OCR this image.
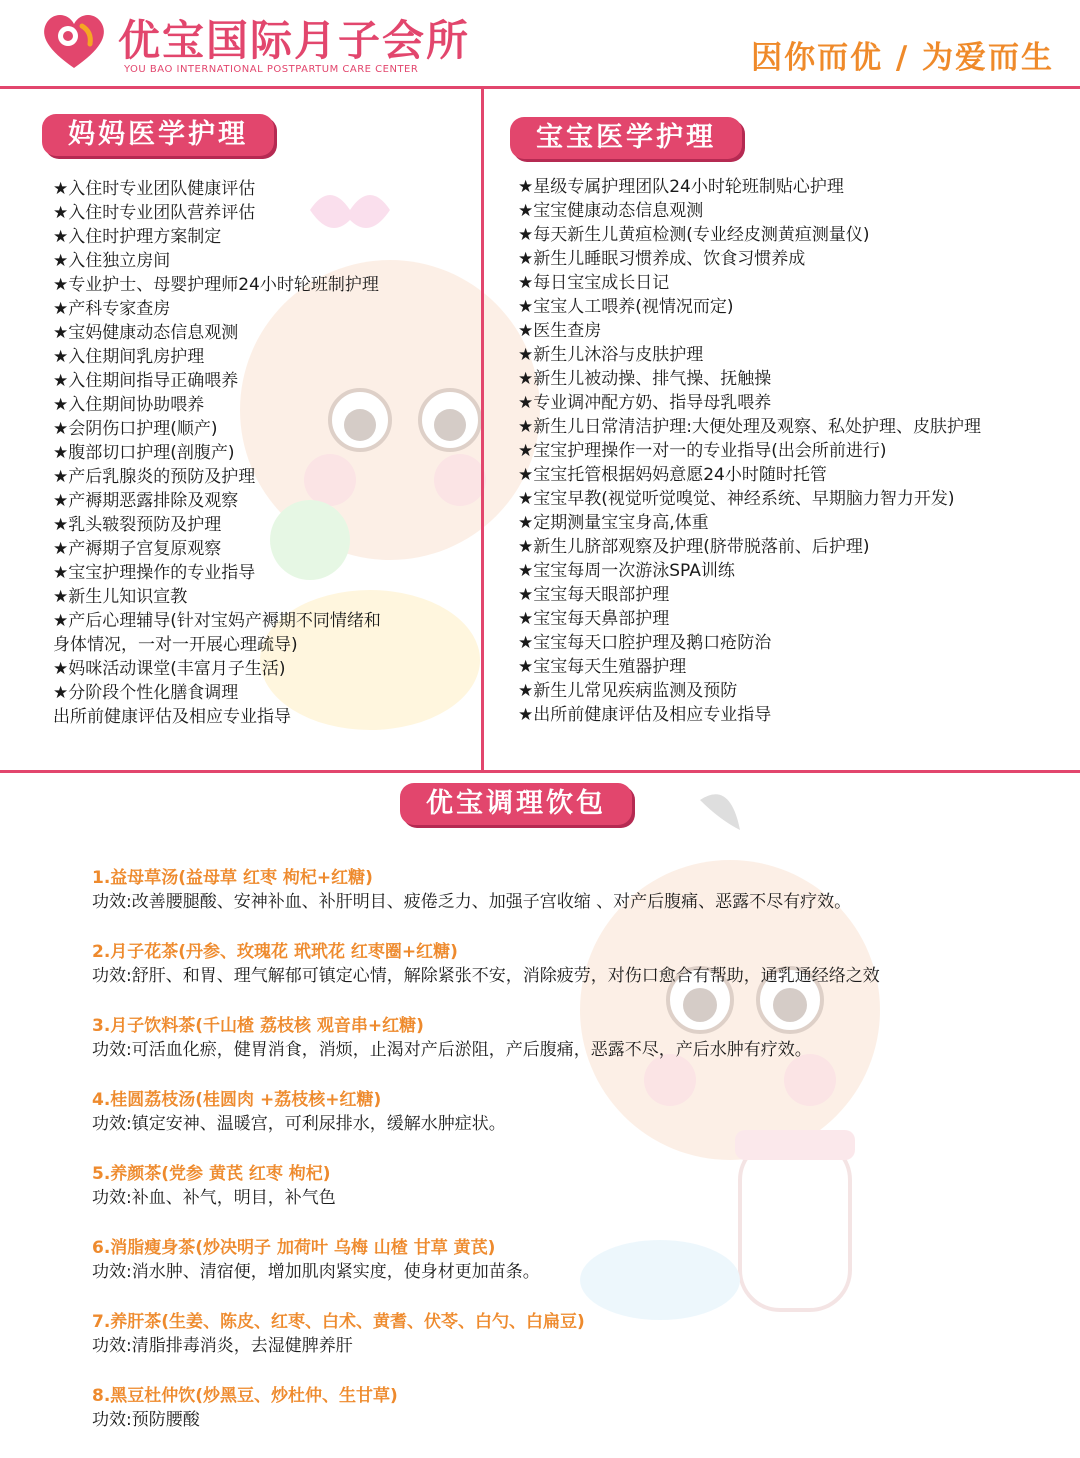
优宝国际月子会所
YOU BAO INTERNATIONAL POSTPARTUM CARE CENTER	因你而优 / 为爱而生
妈妈医学护理
★入住时专业团队健康评估
★入住时专业团队营养评估
★入住时护理方案制定
★入住独立房间
★专业护士、母婴护理师24小时轮班制护理
★产科专家查房
★宝妈健康动态信息观测
★入住期间乳房护理
★入住期间指导正确喂养
★入住期间协助喂养
★会阴伤口护理(顺产)
★腹部切口护理(剖腹产)
★产后乳腺炎的预防及护理
★产褥期恶露排除及观察
★乳头皲裂预防及护理
★产褥期子宫复原观察
★宝宝护理操作的专业指导
★新生儿知识宣教
★产后心理辅导(针对宝妈产褥期不同情绪和
身体情况，一对一开展心理疏导)
★妈咪活动课堂(丰富月子生活)
★分阶段个性化膳食调理
出所前健康评估及相应专业指导
宝宝医学护理
★星级专属护理团队24小时轮班制贴心护理
★宝宝健康动态信息观测
★每天新生儿黄疸检测(专业经皮测黄疸测量仪)
★新生儿睡眠习惯养成、饮食习惯养成
★每日宝宝成长日记
★宝宝人工喂养(视情况而定)
★医生查房
★新生儿沐浴与皮肤护理
★新生儿被动操、排气操、抚触操
★专业调冲配方奶、指导母乳喂养
★新生儿日常清洁护理:大便处理及观察、私处护理、皮肤护理
★宝宝护理操作一对一的专业指导(出会所前进行)
★宝宝托管根据妈妈意愿24小时随时托管
★宝宝早教(视觉听觉嗅觉、神经系统、早期脑力智力开发)
★定期测量宝宝身高,体重
★新生儿脐部观察及护理(脐带脱落前、后护理)
★宝宝每周一次游泳SPA训练
★宝宝每天眼部护理
★宝宝每天鼻部护理
★宝宝每天口腔护理及鹅口疮防治
★宝宝每天生殖器护理
★新生儿常见疾病监测及预防
★出所前健康评估及相应专业指导
优宝调理饮包
1.益母草汤(益母草 红枣 枸杞+红糖)
功效:改善腰腿酸、安神补血、补肝明目、疲倦乏力、加强子宫收缩 、对产后腹痛、恶露不尽有疗效。
2.月子花茶(丹参、玫瑰花 玳玳花 红枣圈+红糖)
功效:舒肝、和胃、理气解郁可镇定心情，解除紧张不安，消除疲劳，对伤口愈合有帮助，通乳通经络之效
3.月子饮料茶(千山楂 荔枝核 观音串+红糖)
功效:可活血化瘀，健胃消食，消烦，止渴对产后淤阻，产后腹痛，恶露不尽，产后水肿有疗效。
4.桂圆荔枝汤(桂圆肉 +荔枝核+红糖)
功效:镇定安神、温暖宫，可利尿排水，缓解水肿症状。
5.养颜茶(党参 黄芪 红枣 枸杞)
功效:补血、补气，明目，补气色
6.消脂瘦身茶(炒决明子 加荷叶 乌梅 山楂 甘草 黄芪)
功效:消水肿、清宿便，增加肌肉紧实度，使身材更加苗条。
7.养肝茶(生姜、陈皮、红枣、白术、黄耆、伏苓、白勺、白扁豆)
功效:清脂排毒消炎，去湿健脾养肝
8.黑豆杜仲饮(炒黑豆、炒杜仲、生甘草)
功效:预防腰酸
